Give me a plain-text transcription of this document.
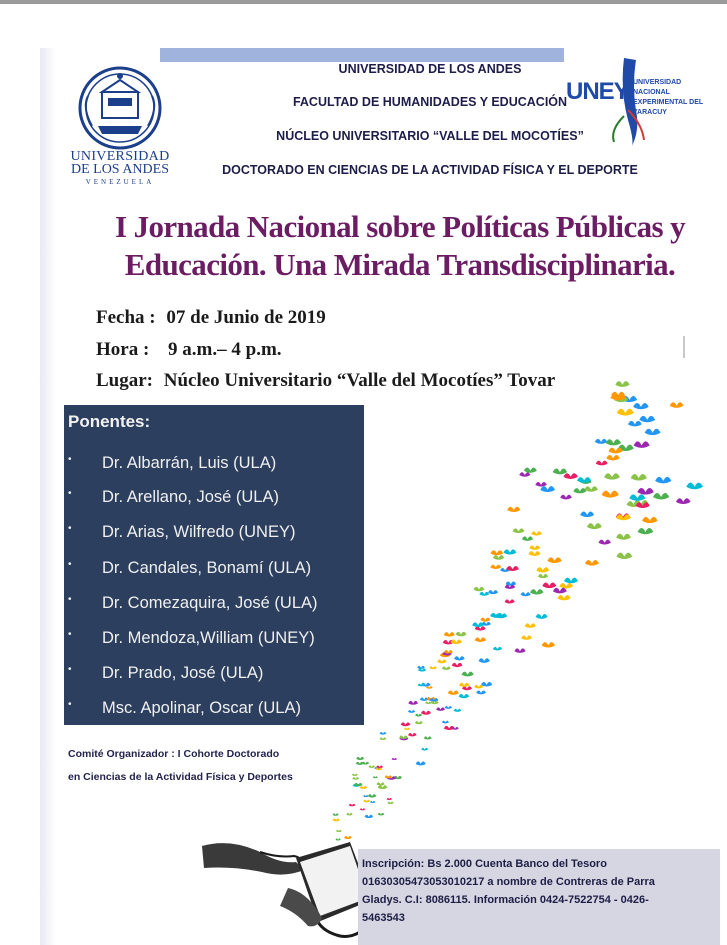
UNIVERSIDAD
DE LOS ANDES
VENEZUELA
UNIVERSIDAD DE LOS ANDES
FACULTAD DE HUMANIDADES Y EDUCACIÓN
NÚCLEO UNIVERSITARIO “VALLE DEL MOCOTÍES”
DOCTORADO EN CIENCIAS DE LA ACTIVIDAD FÍSICA Y EL DEPORTE
UNEY UNIVERSIDAD NACIONAL
EXPERIMENTAL DEL YARACUY
I Jornada Nacional sobre Políticas Públicas y
Educación. Una Mirada Transdisciplinaria.
Fecha : 07 de Junio de 2019
Hora : 9 a.m.– 4 p.m.
Lugar: Núcleo Universitario “Valle del Mocotíes” Tovar
Ponentes:
• Dr. Albarrán, Luis (ULA)
• Dr. Arellano, José (ULA)
• Dr. Arias, Wilfredo (UNEY)
• Dr. Candales, Bonamí (ULA)
• Dr. Comezaquira, José (ULA)
• Dr. Mendoza,William (UNEY)
• Dr. Prado, José (ULA)
• Msc. Apolinar, Oscar (ULA)
Comité Organizador : I Cohorte Doctorado
en Ciencias de la Actividad Física y Deportes
Inscripción: Bs 2.000 Cuenta Banco del Tesoro
01630305473053010217 a nombre de Contreras de Parra
Gladys. C.I: 8086115. Información 0424-7522754 - 0426-
5463543
